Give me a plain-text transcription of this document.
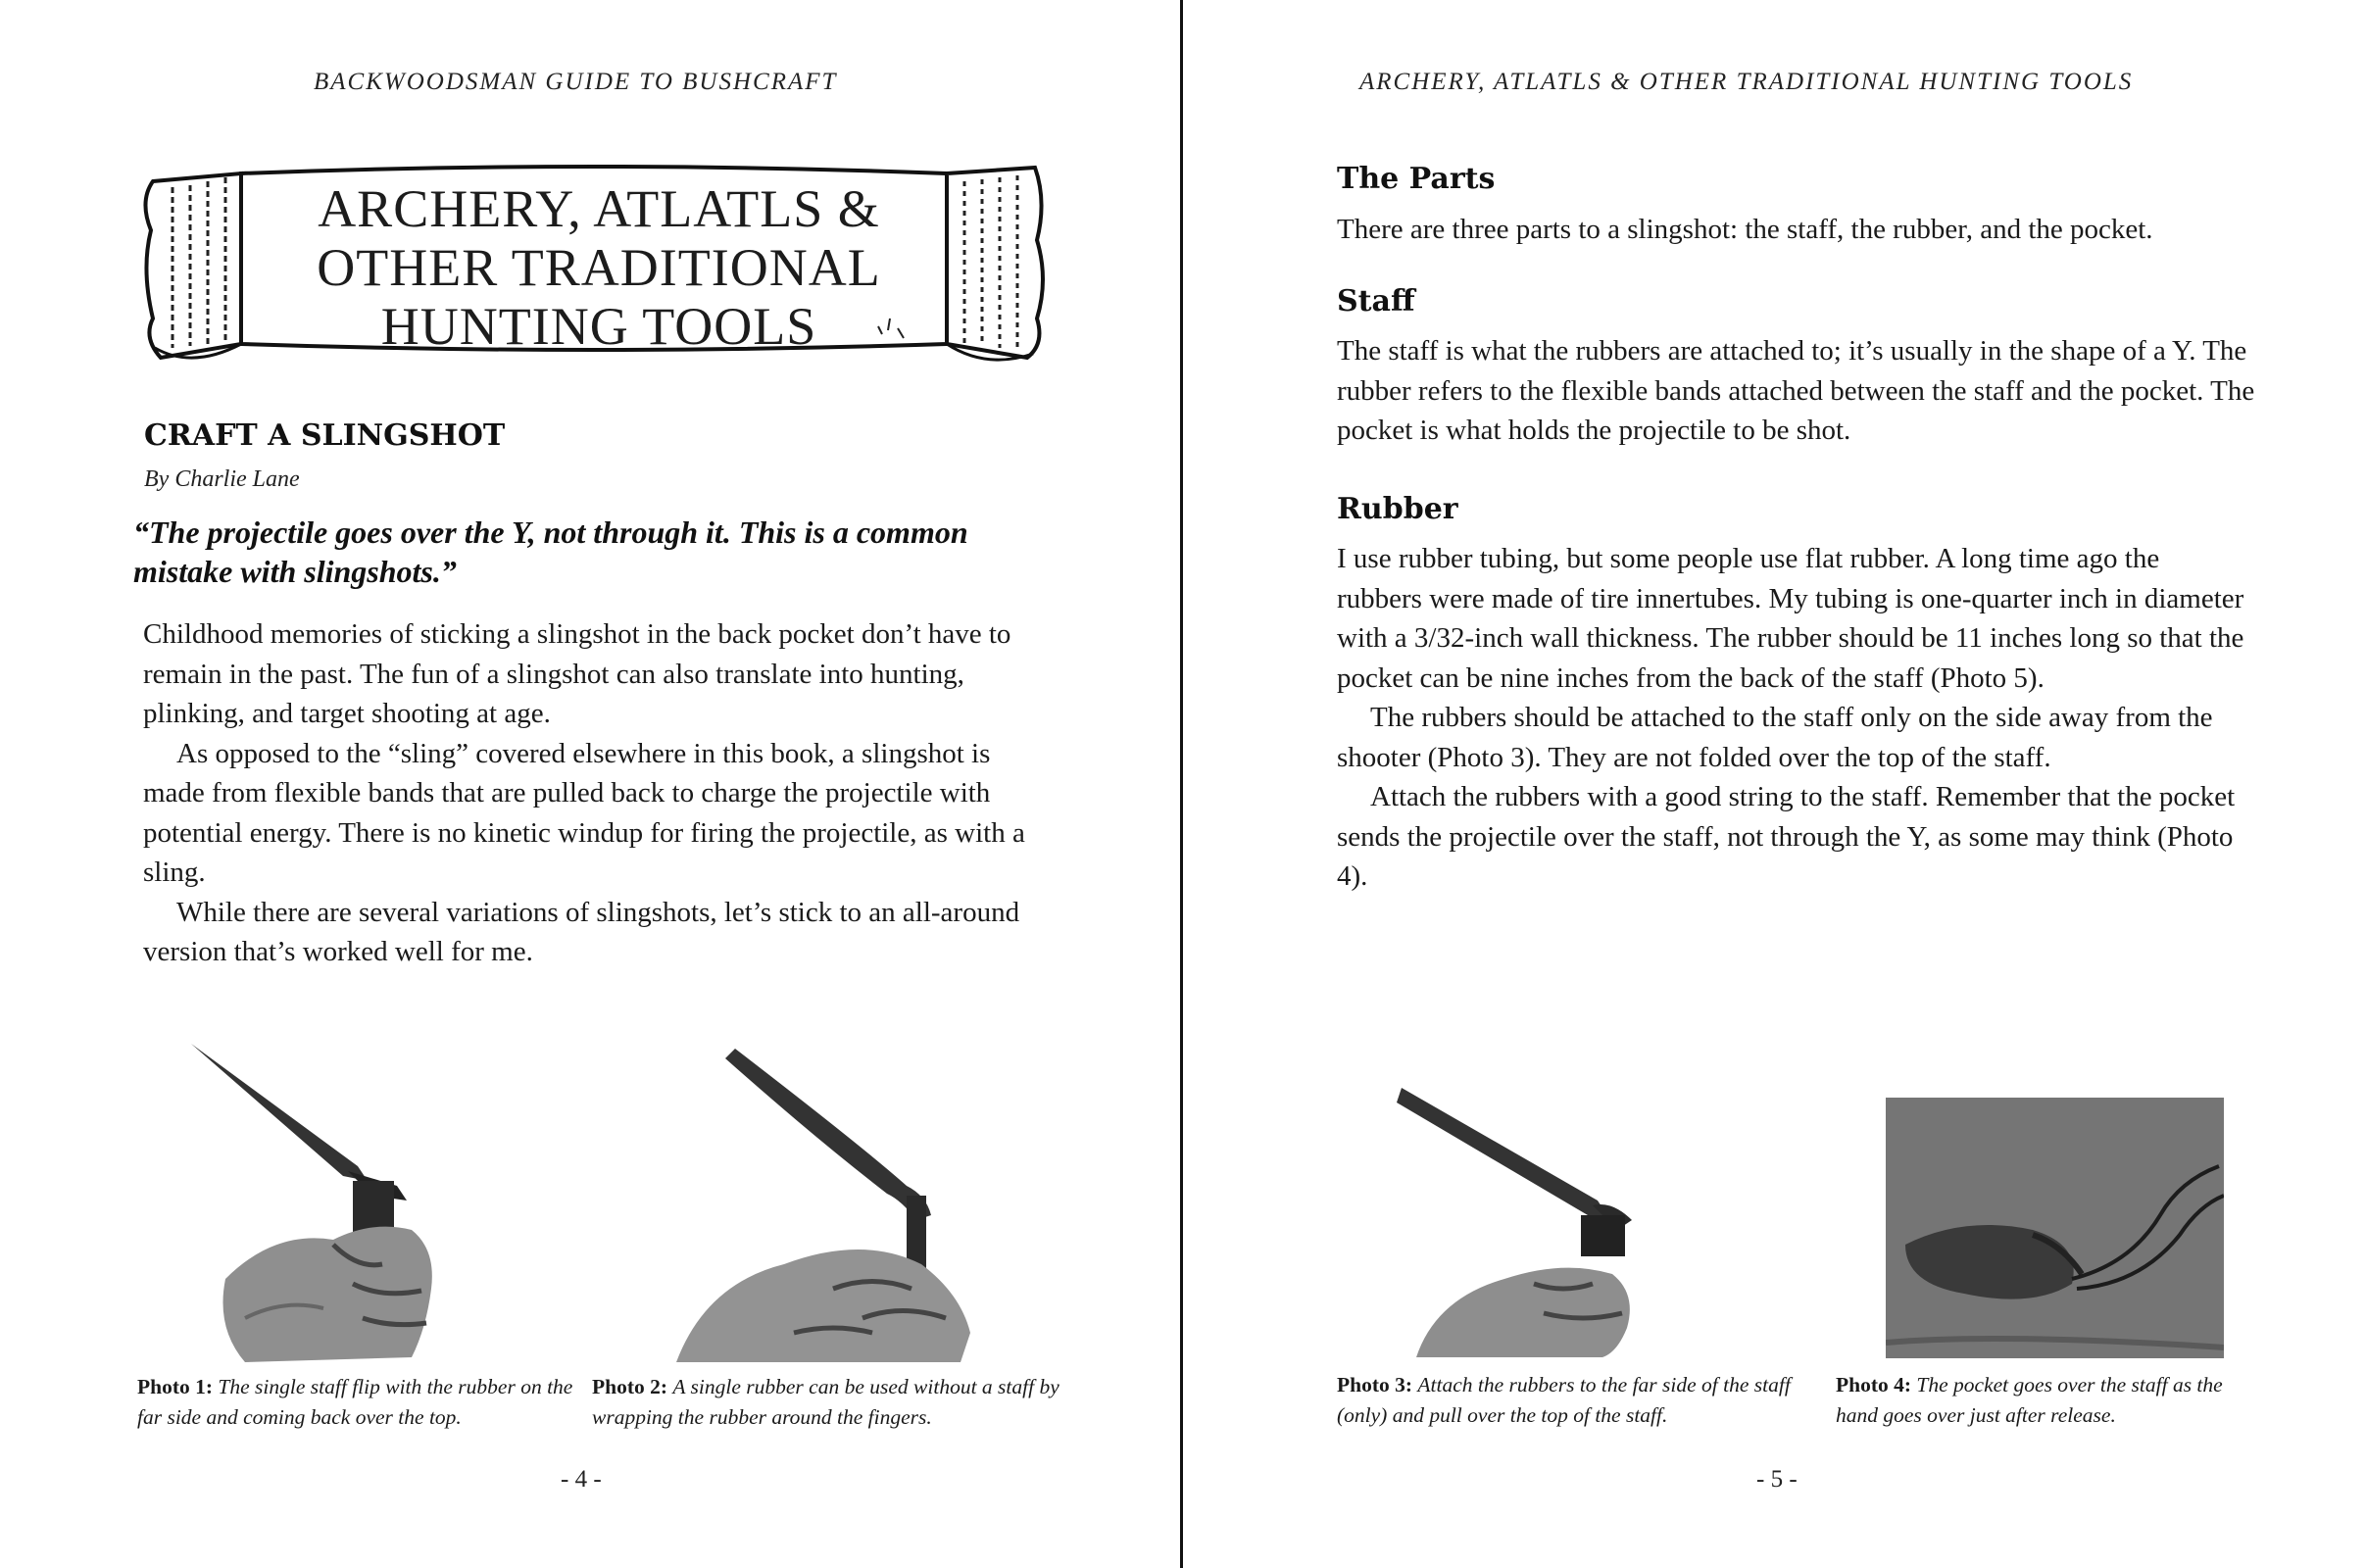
BACKWOODSMAN GUIDE TO BUSHCRAFT
ARCHERY, ATLATLS & OTHER TRADITIONAL HUNTING TOOLS
CRAFT A SLINGSHOT
By Charlie Lane
“The projectile goes over the Y, not through it. This is a common mistake with slingshots.”

Childhood memories of sticking a slingshot in the back pocket don’t have to remain in the past. The fun of a slingshot can also translate into hunting, plinking, and target shooting at age.

As opposed to the “sling” covered elsewhere in this book, a slingshot is made from flexible bands that are pulled back to charge the projectile with potential energy. There is no kinetic windup for firing the projectile, as with a sling.

While there are several variations of slingshots, let’s stick to an all-around version that’s worked well for me.

Photo 1: The single staff flip with the rubber on the far side and coming back over the top.
Photo 2: A single rubber can be used without a staff by wrapping the rubber around the fingers.
- 4 -
ARCHERY, ATLATLS & OTHER TRADITIONAL HUNTING TOOLS
The Parts

There are three parts to a slingshot: the staff, the rubber, and the pocket.

Staff

The staff is what the rubbers are attached to; it’s usually in the shape of a Y. The rubber refers to the flexible bands attached between the staff and the pocket. The pocket is what holds the projectile to be shot.

Rubber

I use rubber tubing, but some people use flat rubber. A long time ago the rubbers were made of tire innertubes. My tubing is one-quarter inch in diameter with a 3/32-inch wall thickness. The rubber should be 11 inches long so that the pocket can be nine inches from the back of the staff (Photo 5).

The rubbers should be attached to the staff only on the side away from the shooter (Photo 3). They are not folded over the top of the staff.

Attach the rubbers with a good string to the staff. Remember that the pocket sends the projectile over the staff, not through the Y, as some may think (Photo 4).

Photo 3: Attach the rubbers to the far side of the staff (only) and pull over the top of the staff.
Photo 4: The pocket goes over the staff as the hand goes over just after release.
- 5 -
